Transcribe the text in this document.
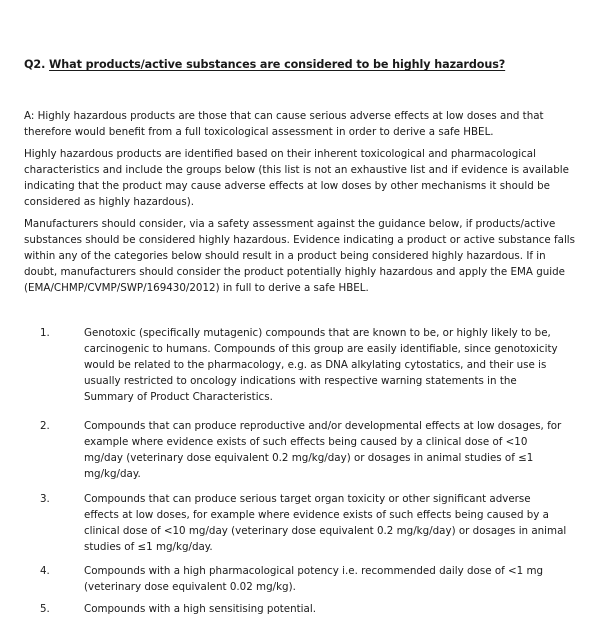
Q2. What products/active substances are considered to be highly hazardous?

A: Highly hazardous products are those that can cause serious adverse effects at low doses and that therefore would benefit from a full toxicological assessment in order to derive a safe HBEL.

Highly hazardous products are identified based on their inherent toxicological and pharmacological characteristics and include the groups below (this list is not an exhaustive list and if evidence is available indicating that the product may cause adverse effects at low doses by other mechanisms it should be considered as highly hazardous).

Manufacturers should consider, via a safety assessment against the guidance below, if products/active substances should be considered highly hazardous. Evidence indicating a product or active substance falls within any of the categories below should result in a product being considered highly hazardous. If in doubt, manufacturers should consider the product potentially highly hazardous and apply the EMA guide (EMA/CHMP/CVMP/SWP/169430/2012) in full to derive a safe HBEL.

1.	Genotoxic (specifically mutagenic) compounds that are known to be, or highly likely to be, carcinogenic to humans. Compounds of this group are easily identifiable, since genotoxicity would be related to the pharmacology, e.g. as DNA alkylating cytostatics, and their use is usually restricted to oncology indications with respective warning statements in the Summary of Product Characteristics.
2.	Compounds that can produce reproductive and/or developmental effects at low dosages, for example where evidence exists of such effects being caused by a clinical dose of <10 mg/day (veterinary dose equivalent 0.2 mg/kg/day) or dosages in animal studies of ≤1 mg/kg/day.
3.	Compounds that can produce serious target organ toxicity or other significant adverse effects at low doses, for example where evidence exists of such effects being caused by a clinical dose of <10 mg/day (veterinary dose equivalent 0.2 mg/kg/day) or dosages in animal studies of ≤1 mg/kg/day.
4.	Compounds with a high pharmacological potency i.e. recommended daily dose of <1 mg (veterinary dose equivalent 0.02 mg/kg).
5.	Compounds with a high sensitising potential.
